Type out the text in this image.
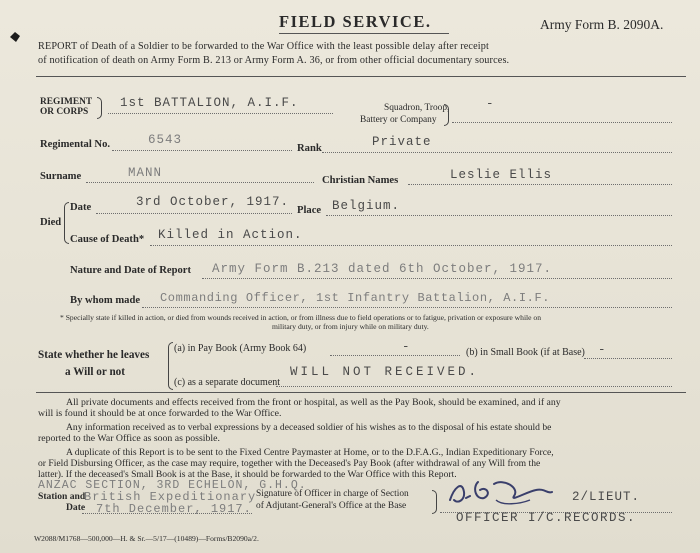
FIELD SERVICE.	Army Form B. 2090A.
REPORT of Death of a Soldier to be forwarded to the War Office with the least possible delay after receipt
of notification of death on Army Form B. 213 or Army Form A. 36, or from other official documentary sources.
REGIMENT
OR CORPS
1st BATTALION, A.I.F.	Squadron, Troop,
Battery or Company
-
Regimental No.	6543
Rank	Private
Surname	MANN
Christian Names	Leslie Ellis
Died
Date	3rd October, 1917.
Place Belgium.
Cause of Death* Killed in Action.
Nature and Date of Report Army Form B.213 dated 6th October, 1917.
By whom made Commanding Officer, 1st Infantry Battalion, A.I.F.
* Specially state if killed in action, or died from wounds received in action, or from illness due to field operations or to fatigue, privation or exposure while on
military duty, or from injury while on military duty.
State whether he leaves
a Will or not
(a) in Pay Book (Army Book 64)	-	(b) in Small Book (if at Base) -
(c) as a separate document
WILL NOT RECEIVED.
All private documents and effects received from the front or hospital, as well as the Pay Book, should be examined, and if any
will is found it should be at once forwarded to the War Office.
Any information received as to verbal expressions by a deceased soldier of his wishes as to the disposal of his estate should be
reported to the War Office as soon as possible.
A duplicate of this Report is to be sent to the Fixed Centre Paymaster at Home, or to the D.F.A.G., Indian Expeditionary Force,
or Field Disbursing Officer, as the case may require, together with the Deceased's Pay Book (after withdrawal of any Will from the
latter). If the deceased's Small Book is at the Base, it should be forwarded to the War Office with this Report.
ANZAC SECTION, 3RD ECHELON, G.H.Q.
Station and
Date
British Expeditionary
7th December, 1917.
Signature of Officer in charge of Section
of Adjutant-General's Office at the Base
2/LIEUT.
OFFICER I/C.RECORDS.
W2088/M1768—500,000—H. & Sr.—5/17—(10489)—Forms/B2090a/2.
